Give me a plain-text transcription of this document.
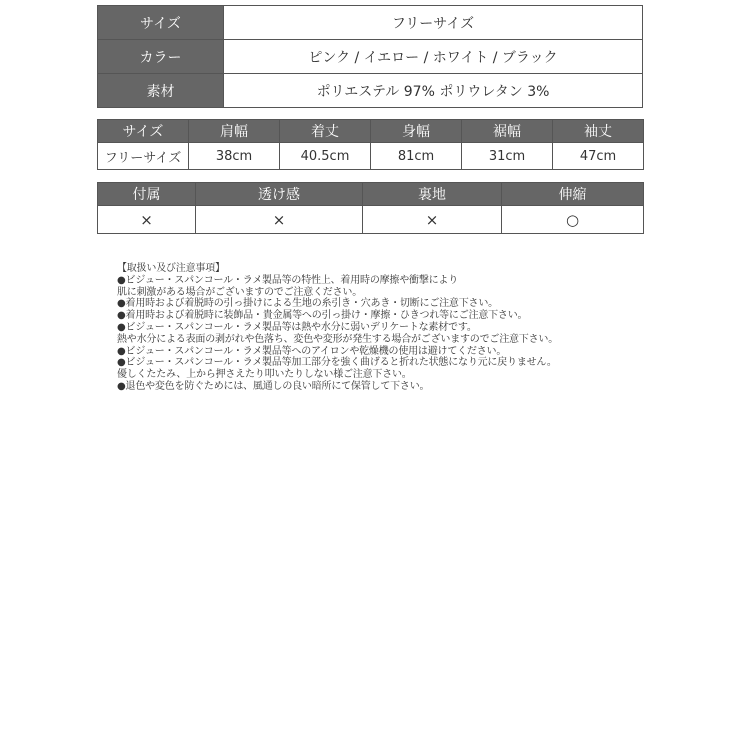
サイズ	フリーサイズ
カラー	ピンク / イエロー / ホワイト / ブラック
素材	ポリエステル 97% ポリウレタン 3%
サイズ	肩幅	着丈	身幅	裾幅	袖丈
フリーサイズ	38cm	40.5cm	81cm	31cm	47cm
付属	透け感	裏地	伸縮
×	×	×	○
【取扱い及び注意事項】
●ビジュー・スパンコール・ラメ製品等の特性上、着用時の摩擦や衝撃により
肌に刺激がある場合がございますのでご注意ください。
●着用時および着脱時の引っ掛けによる生地の糸引き・穴あき・切断にご注意下さい。
●着用時および着脱時に装飾品・貴金属等への引っ掛け・摩擦・ひきつれ等にご注意下さい。
●ビジュー・スパンコール・ラメ製品等は熱や水分に弱いデリケートな素材です。
熱や水分による表面の剥がれや色落ち、変色や変形が発生する場合がございますのでご注意下さい。
●ビジュー・スパンコール・ラメ製品等へのアイロンや乾燥機の使用は避けてください。
●ビジュー・スパンコール・ラメ製品等加工部分を強く曲げると折れた状態になり元に戻りません。
優しくたたみ、上から押さえたり叩いたりしない様ご注意下さい。
●退色や変色を防ぐためには、風通しの良い暗所にて保管して下さい。
